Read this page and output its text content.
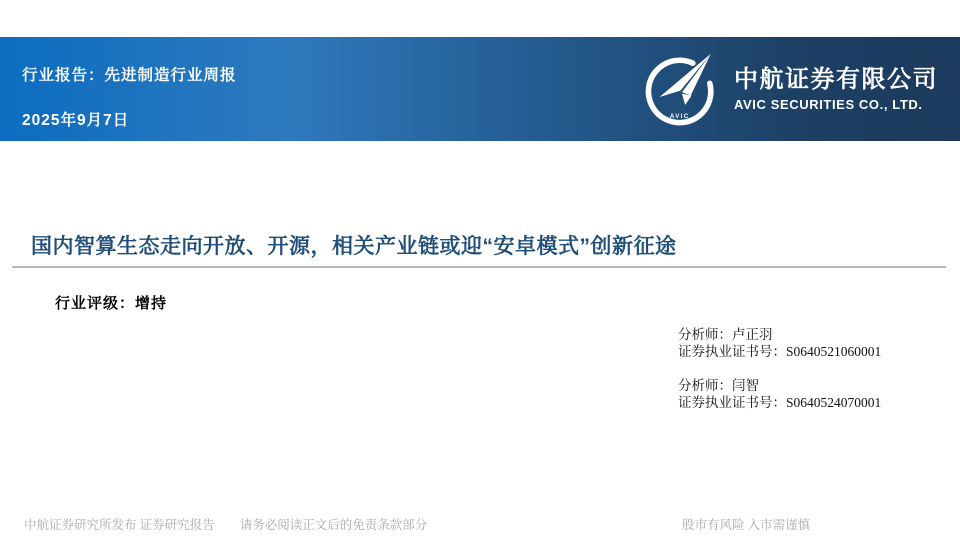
行业报告：先进制造行业周报
2025年9月7日	AVIC
中航证券有限公司
AVIC SECURITIES CO., LTD.
国内智算生态走向开放、开源，相关产业链或迎“安卓模式”创新征途
行业评级：增持
分析师：卢正羽
证券执业证书号：S0640521060001
分析师：闫智
证券执业证书号：S0640524070001
中航证券研究所发布 证券研究报告 请务必阅读正文后的免责条款部分	股市有风险 入市需谨慎
